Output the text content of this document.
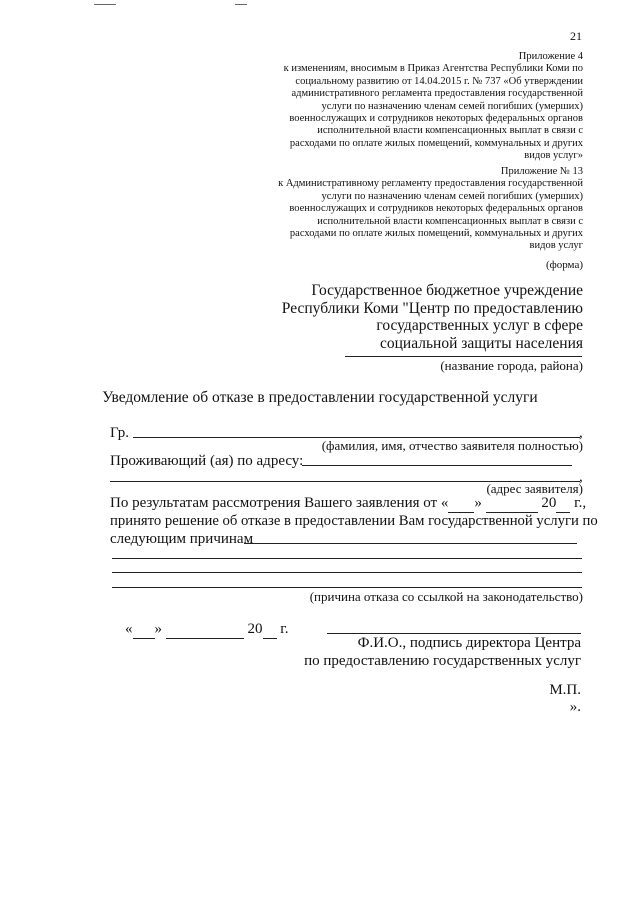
21
Приложение 4
к изменениям, вносимым в Приказ Агентства Республики Коми по
социальному развитию от 14.04.2015 г. № 737 «Об утверждении
административного регламента предоставления государственной
услуги по назначению членам семей погибших (умерших)
военнослужащих и сотрудников некоторых федеральных органов
исполнительной власти компенсационных выплат в связи с
расходами по оплате жилых помещений, коммунальных и других
видов услуг»
Приложение № 13
к Административному регламенту предоставления государственной
услуги по назначению членам семей погибших (умерших)
военнослужащих и сотрудников некоторых федеральных органов
исполнительной власти компенсационных выплат в связи с
расходами по оплате жилых помещений, коммунальных и других
видов услуг
(форма)
Государственное бюджетное учреждение
Республики Коми "Центр по предоставлению
государственных услуг в сфере
социальной защиты населения
(название города, района)
Уведомление об отказе в предоставлении государственной услуги
Гр.	,
(фамилия, имя, отчество заявителя полностью)
Проживающий (ая) по адресу:
,
(адрес заявителя)
По результатам рассмотрения Вашего заявления от « »	20 г.,
принято решение об отказе в предоставлении Вам государственной услуги по
следующим причинам
(причина отказа со ссылкой на законодательство)
« »	20 г.
Ф.И.О., подпись директора Центра
по предоставлению государственных услуг
М.П.
».
